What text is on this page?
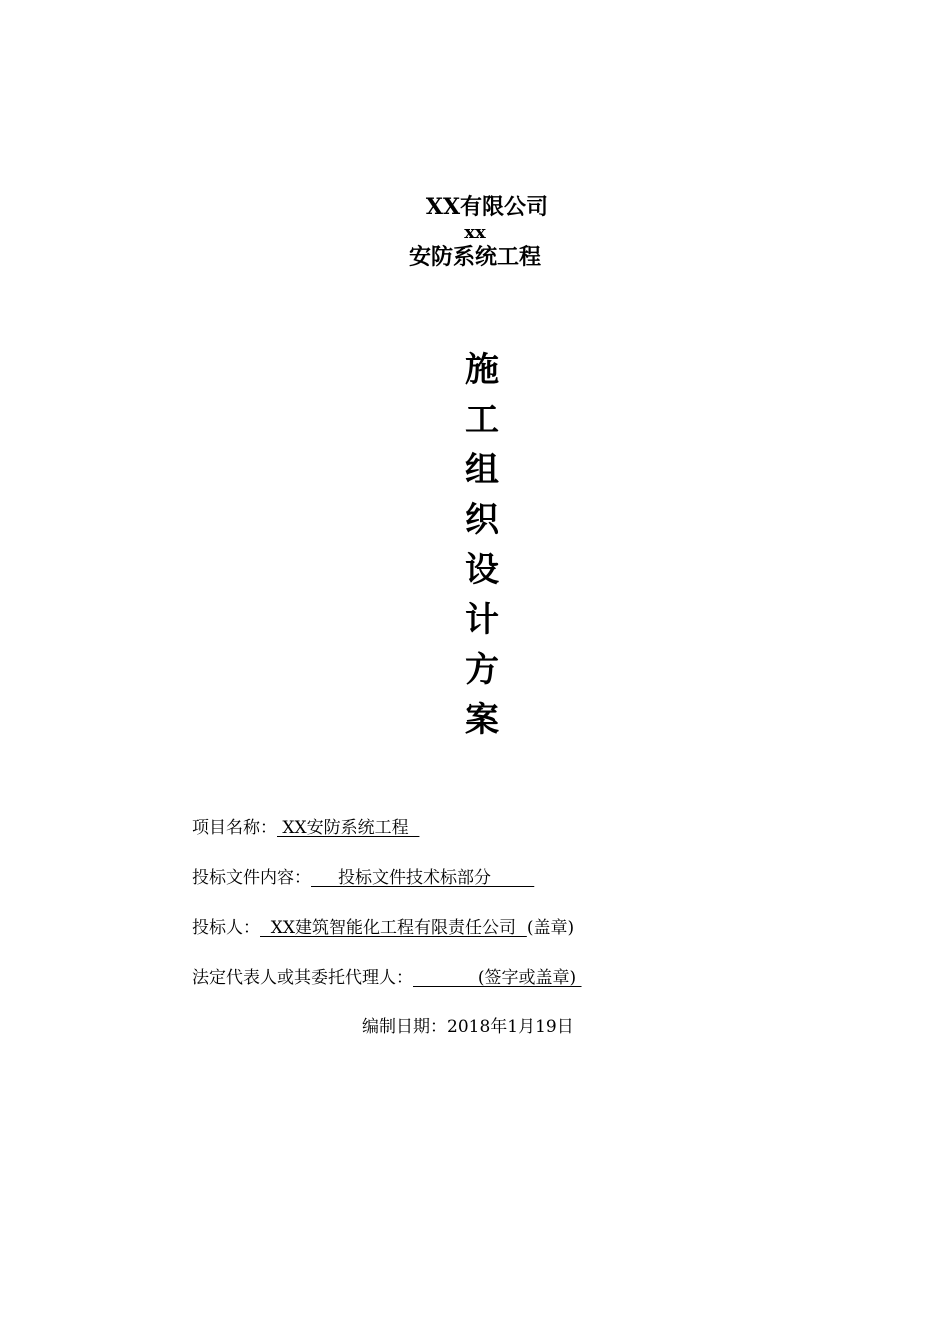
XX有限公司
xx
安防系统工程
施
工
组
织
设
计
方
案
项目名称： XX安防系统工程
投标文件内容：     投标文件技术标部分
投标人：  XX建筑智能化工程有限责任公司  (盖章)
法定代表人或其委托代理人：            (签字或盖章)
编制日期：2018年1月19日
